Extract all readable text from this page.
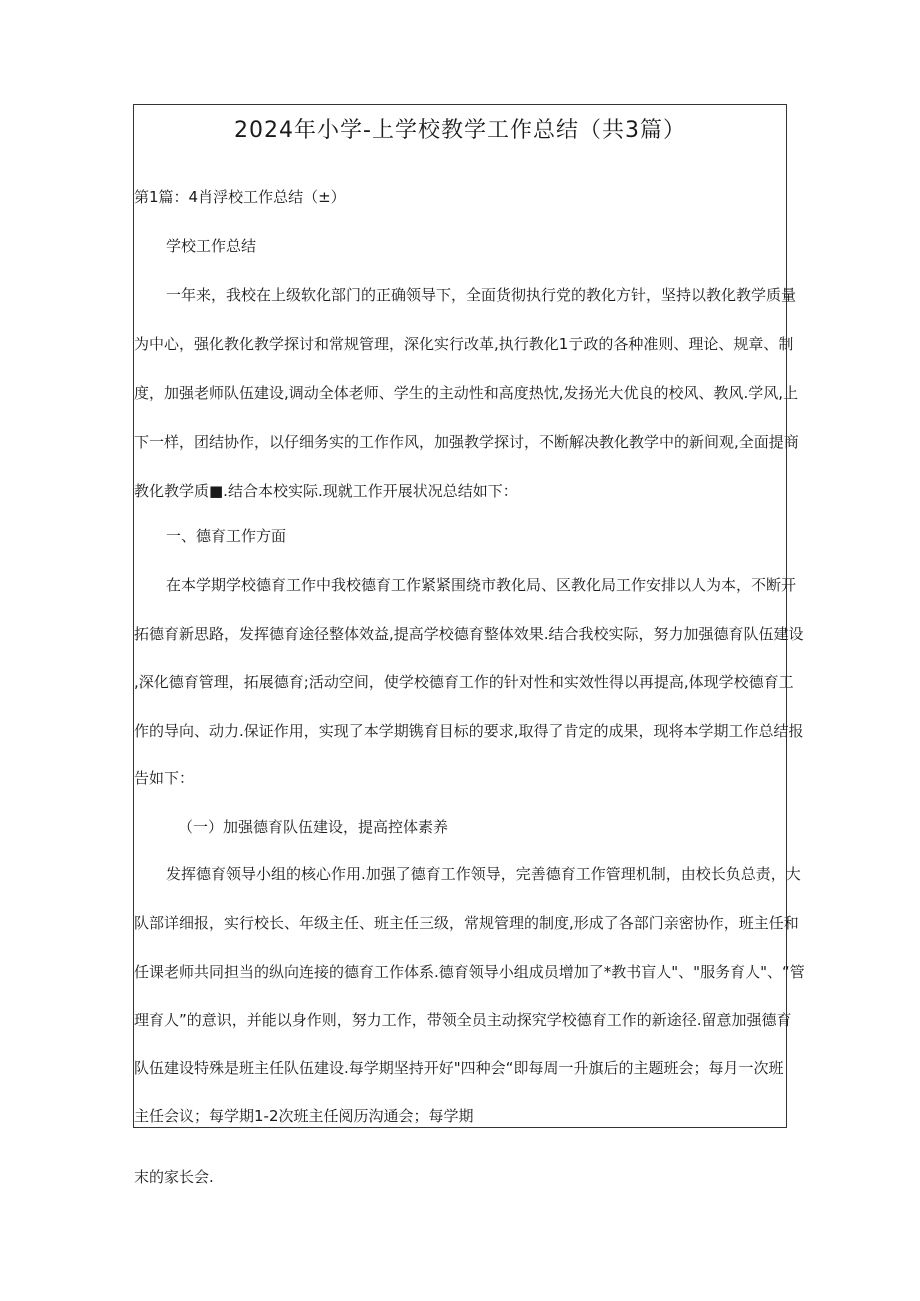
2024年小学-上学校教学工作总结（共3篇）
第1篇：4肖浮校工作总结（±）
学校工作总结
一年来，我校在上级软化部门的正确领导下，全面货彻执行党的教化方针，坚持以教化教学质量
为中心，强化教化教学探讨和常规管理，深化实行改革,执行教化1亍政的各种准则、理论、规章、制
度，加强老师队伍建设,调动全体老师、学生的主动性和高度热忱,发扬光大优良的校风、教风.学风,上
下一样，团结协作，以仔细务实的工作作风，加强教学探讨，不断解决教化教学中的新间观,全面提商
教化教学质■.结合本校实际.现就工作开展状况总结如下：
一、德育工作方面
在本学期学校德育工作中我校德育工作紧紧围绕市教化局、区教化局工作安排以人为本，不断开
拓德育新思路，发挥德育途径整体效益,提高学校德育整体效果.结合我校实际，努力加强德育队伍建设
,深化德育管理，拓展德育;活动空间，使学校德育工作的针对性和实效性得以再提高,体现学校德育工
作的导向、动力.保证作用，实现了本学期镌育目标的要求,取得了肯定的成果，现将本学期工作总结报
告如下：
（一）加强德育队伍建设，提高控体素养
发挥德育领导小组的核心作用.加强了德育工作领导，完善德育工作管理机制，由校长负总责，大
队部详细报，实行校长、年级主任、班主任三级，常规管理的制度,形成了各部门亲密协作，班主任和
任课老师共同担当的纵向连接的德育工作体系.德育领导小组成员增加了*教书盲人"、"服务育人"、“管
理育人”的意识，并能以身作则，努力工作，带领全员主动探究学校德育工作的新途径.留意加强德育
队伍建设特殊是班主任队伍建设.每学期坚持开好"四种会“即每周一升旗后的主题班会；每月一次班
主任会议；每学期1-2次班主任阅历沟通会；每学期
末的家长会.
